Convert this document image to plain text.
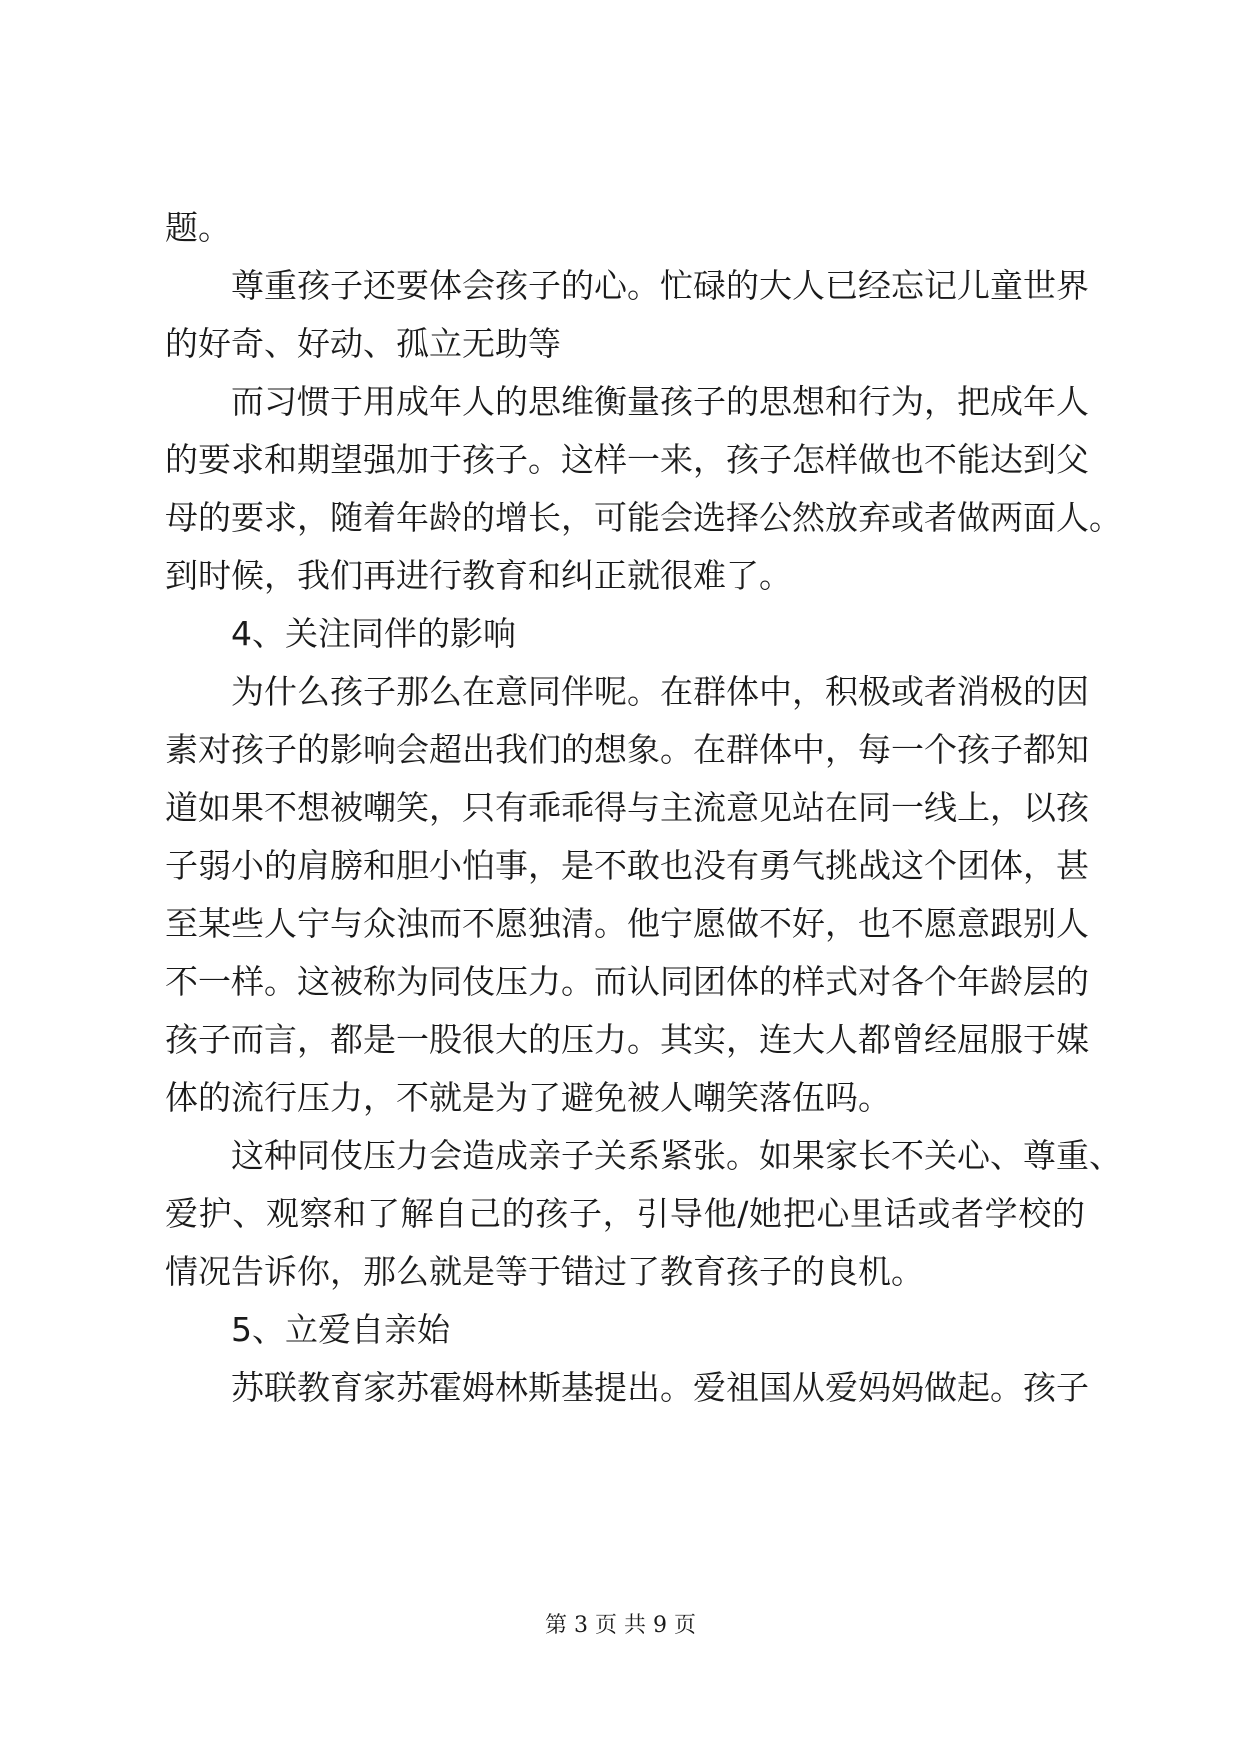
题。
尊重孩子还要体会孩子的心。忙碌的大人已经忘记儿童世界
的好奇、好动、孤立无助等
而习惯于用成年人的思维衡量孩子的思想和行为，把成年人
的要求和期望强加于孩子。这样一来，孩子怎样做也不能达到父
母的要求，随着年龄的增长，可能会选择公然放弃或者做两面人。
到时候，我们再进行教育和纠正就很难了。
4、关注同伴的影响
为什么孩子那么在意同伴呢。在群体中，积极或者消极的因
素对孩子的影响会超出我们的想象。在群体中，每一个孩子都知
道如果不想被嘲笑，只有乖乖得与主流意见站在同一线上，以孩
子弱小的肩膀和胆小怕事，是不敢也没有勇气挑战这个团体，甚
至某些人宁与众浊而不愿独清。他宁愿做不好，也不愿意跟别人
不一样。这被称为同伎压力。而认同团体的样式对各个年龄层的
孩子而言，都是一股很大的压力。其实，连大人都曾经屈服于媒
体的流行压力，不就是为了避免被人嘲笑落伍吗。
这种同伎压力会造成亲子关系紧张。如果家长不关心、尊重、
爱护、观察和了解自己的孩子，引导他/她把心里话或者学校的
情况告诉你，那么就是等于错过了教育孩子的良机。
5、立爱自亲始
苏联教育家苏霍姆林斯基提出。爱祖国从爱妈妈做起。孩子
第 3 页 共 9 页
